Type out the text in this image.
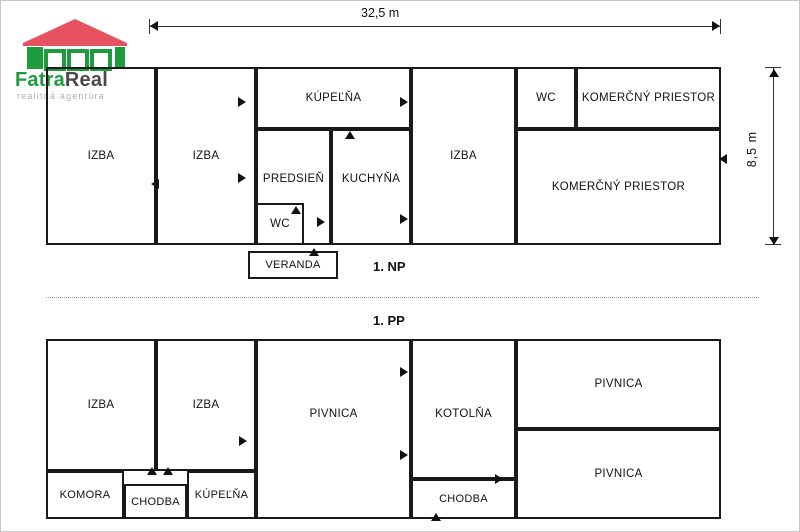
FatraReal
realitná agentúra
32,5 m
8,5 m
IZBA	IZBA
KÚPEĽŇA
PREDSIEŇ
WC
VERANDA
KUCHYŇA
IZBA
WC	KOMERČNÝ PRIESTOR
KOMERČNÝ PRIESTOR
1. NP
1. PP
IZBA	IZBA
KOMORA
CHODBA
KÚPEĽŇA
PIVNICA	KOTOLŇA
CHODBA
PIVNICA
PIVNICA
